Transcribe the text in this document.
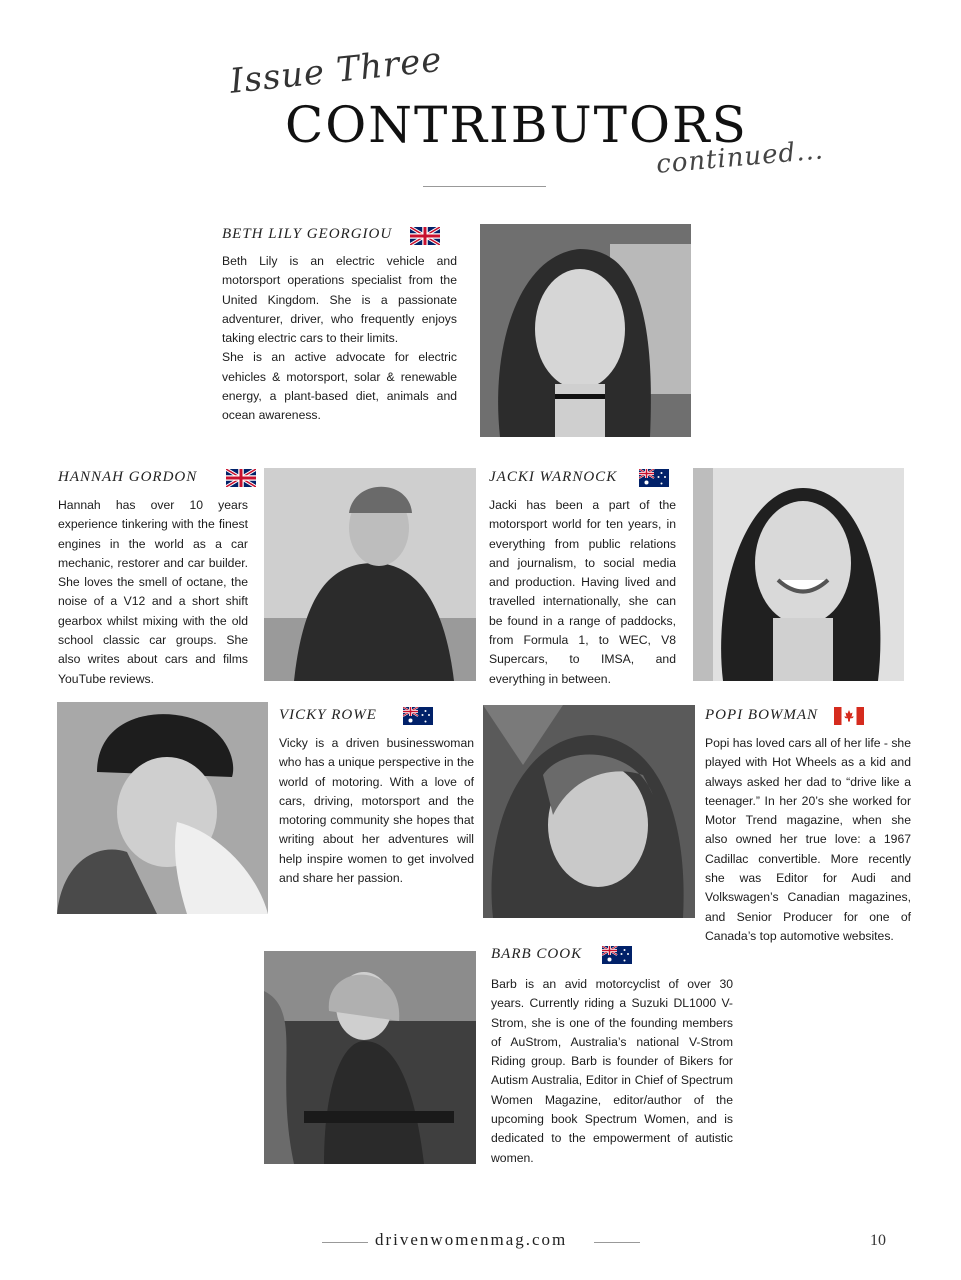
Issue Three
CONTRIBUTORS
continued...
BETH LILY GEORGIOU

Beth Lily is an electric vehicle and motorsport operations specialist from the United Kingdom. She is a passionate adventurer, driver, who frequently enjoys taking electric cars to their limits.

She is an active advocate for electric vehicles & motorsport, solar & renewable energy, a plant-based diet, animals and ocean awareness.

HANNAH GORDON

Hannah has over 10 years experience tinkering with the finest engines in the world as a car mechanic, restorer and car builder. She loves the smell of octane, the noise of a V12 and a short shift gearbox whilst mixing with the old school classic car groups. She also writes about cars and films YouTube reviews.

JACKI WARNOCK

Jacki has been a part of the motorsport world for ten years, in everything from public relations and journalism, to social media and production. Having lived and travelled internationally, she can be found in a range of paddocks, from Formula 1, to WEC, V8 Supercars, to IMSA, and everything in between.

VICKY ROWE

Vicky is a driven businesswoman who has a unique perspective in the world of motoring. With a love of cars, driving, motorsport and the motoring community she hopes that writing about her adventures will help inspire women to get involved and share her passion.

POPI BOWMAN

Popi has loved cars all of her life - she played with Hot Wheels as a kid and always asked her dad to “drive like a teenager.” In her 20’s she worked for Motor Trend magazine, when she also owned her true love: a 1967 Cadillac convertible. More recently she was Editor for Audi and Volkswagen’s Canadian magazines, and Senior Producer for one of Canada’s top automotive websites.

BARB COOK

Barb is an avid motorcyclist of over 30 years. Currently riding a Suzuki DL1000 V-Strom, she is one of the founding members of AuStrom, Australia’s national V-Strom Riding group. Barb is founder of Bikers for Autism Australia, Editor in Chief of Spectrum Women Magazine, editor/author of the upcoming book Spectrum Women, and is dedicated to the empowerment of autistic women.

drivenwomenmag.com	10
